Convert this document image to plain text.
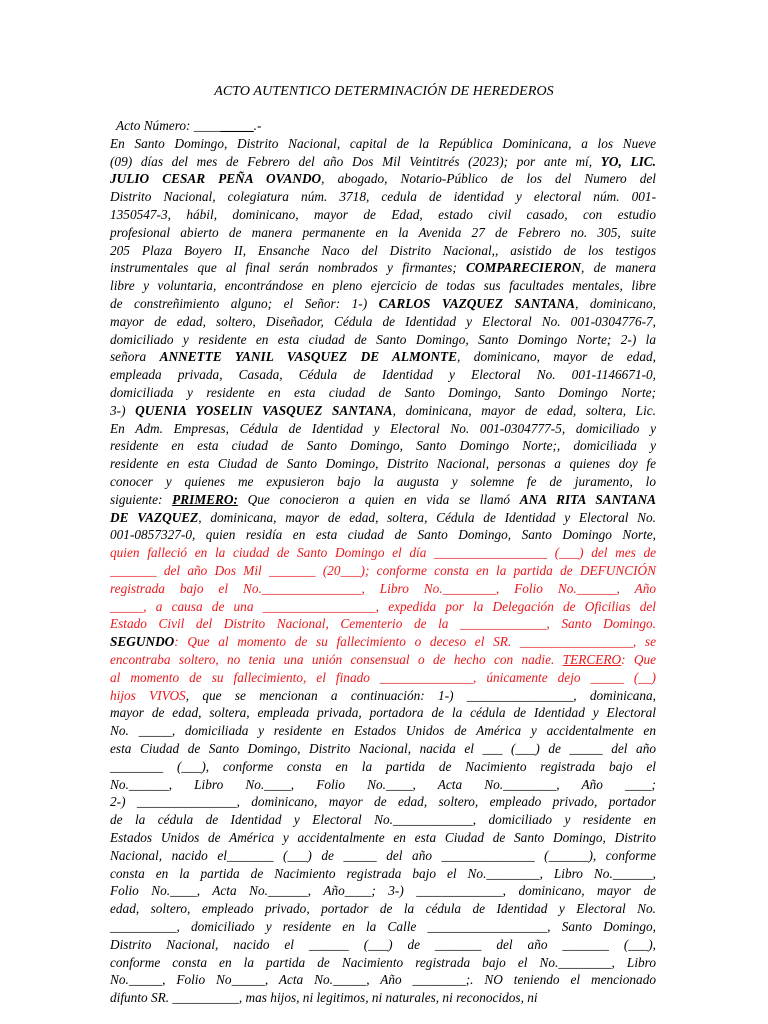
ACTO AUTENTICO DETERMINACIÓN DE HEREDEROS
Acto Número: _________.-
En Santo Domingo, Distrito Nacional, capital de la República Dominicana, a los Nueve
(09) días del mes de Febrero del año Dos Mil Veintitrés (2023); por ante mí, YO, LIC.
JULIO CESAR PEÑA OVANDO, abogado, Notario-Público de los del Numero del
Distrito Nacional, colegiatura núm. 3718, cedula de identidad y electoral núm. 001-
1350547-3, hábil, dominicano, mayor de Edad, estado civil casado, con estudio
profesional abierto de manera permanente en la Avenida 27 de Febrero no. 305, suite
205 Plaza Boyero II, Ensanche Naco del Distrito Nacional,, asistido de los testigos
instrumentales que al final serán nombrados y firmantes; COMPARECIERON, de manera
libre y voluntaria, encontrándose en pleno ejercicio de todas sus facultades mentales, libre
de constreñimiento alguno; el Señor: 1-) CARLOS VAZQUEZ SANTANA, dominicano,
mayor de edad, soltero, Diseñador, Cédula de Identidad y Electoral No. 001-0304776-7,
domiciliado y residente en esta ciudad de Santo Domingo, Santo Domingo Norte; 2-) la
señora ANNETTE YANIL VASQUEZ DE ALMONTE, dominicano, mayor de edad,
empleada privada, Casada, Cédula de Identidad y Electoral No. 001-1146671-0,
domiciliada y residente en esta ciudad de Santo Domingo, Santo Domingo Norte;
3-) QUENIA YOSELIN VASQUEZ SANTANA, dominicana, mayor de edad, soltera, Lic.
En Adm. Empresas, Cédula de Identidad y Electoral No. 001-0304777-5, domiciliado y
residente en esta ciudad de Santo Domingo, Santo Domingo Norte;, domiciliada y
residente en esta Ciudad de Santo Domingo, Distrito Nacional, personas a quienes doy fe
conocer y quienes me expusieron bajo la augusta y solemne fe de juramento, lo
siguiente: PRIMERO: Que conocieron a quien en vida se llamó ANA RITA SANTANA
DE VAZQUEZ, dominicana, mayor de edad, soltera, Cédula de Identidad y Electoral No.
001-0857327-0, quien residía en esta ciudad de Santo Domingo, Santo Domingo Norte,
quien falleció en la ciudad de Santo Domingo el día _________________ (___) del mes de
_______ del año Dos Mil _______ (20___); conforme consta en la partida de DEFUNCIÓN
registrada bajo el No._______________, Libro No.________, Folio No.______, Año
_____, a causa de una _________________, expedida por la Delegación de Oficilias del
Estado Civil del Distrito Nacional, Cementerio de la _____________, Santo Domingo.
SEGUNDO: Que al momento de su fallecimiento o deceso el SR. _________________, se
encontraba soltero, no tenia una unión consensual o de hecho con nadie. TERCERO: Que
al momento de su fallecimiento, el finado ______________, únicamente dejo _____ (__)
hijos VIVOS, que se mencionan a continuación: 1-) ________________, dominicana,
mayor de edad, soltera, empleada privada, portadora de la cédula de Identidad y Electoral
No. _____, domiciliada y residente en Estados Unidos de América y accidentalmente en
esta Ciudad de Santo Domingo, Distrito Nacional, nacida el ___ (___) de _____ del año
________ (___), conforme consta en la partida de Nacimiento registrada bajo el
No.______, Libro No.____, Folio No.____, Acta No.________, Año ____;
2-) _______________, dominicano, mayor de edad, soltero, empleado privado, portador
de la cédula de Identidad y Electoral No.____________, domiciliado y residente en
Estados Unidos de América y accidentalmente en esta Ciudad de Santo Domingo, Distrito
Nacional, nacido el_______ (___) de _____ del año ______________ (______), conforme
consta en la partida de Nacimiento registrada bajo el No.________, Libro No.______,
Folio No.____, Acta No.______, Año____; 3-) _____________, dominicano, mayor de
edad, soltero, empleado privado, portador de la cédula de Identidad y Electoral No.
__________, domiciliado y residente en la Calle __________________, Santo Domingo,
Distrito Nacional, nacido el ______ (___) de _______ del año _______ (___),
conforme consta en la partida de Nacimiento registrada bajo el No.________, Libro
No._____, Folio No_____, Acta No._____, Año ________;. NO teniendo el mencionado
difunto SR. __________, mas hijos, ni legitimos, ni naturales, ni reconocidos, ni
